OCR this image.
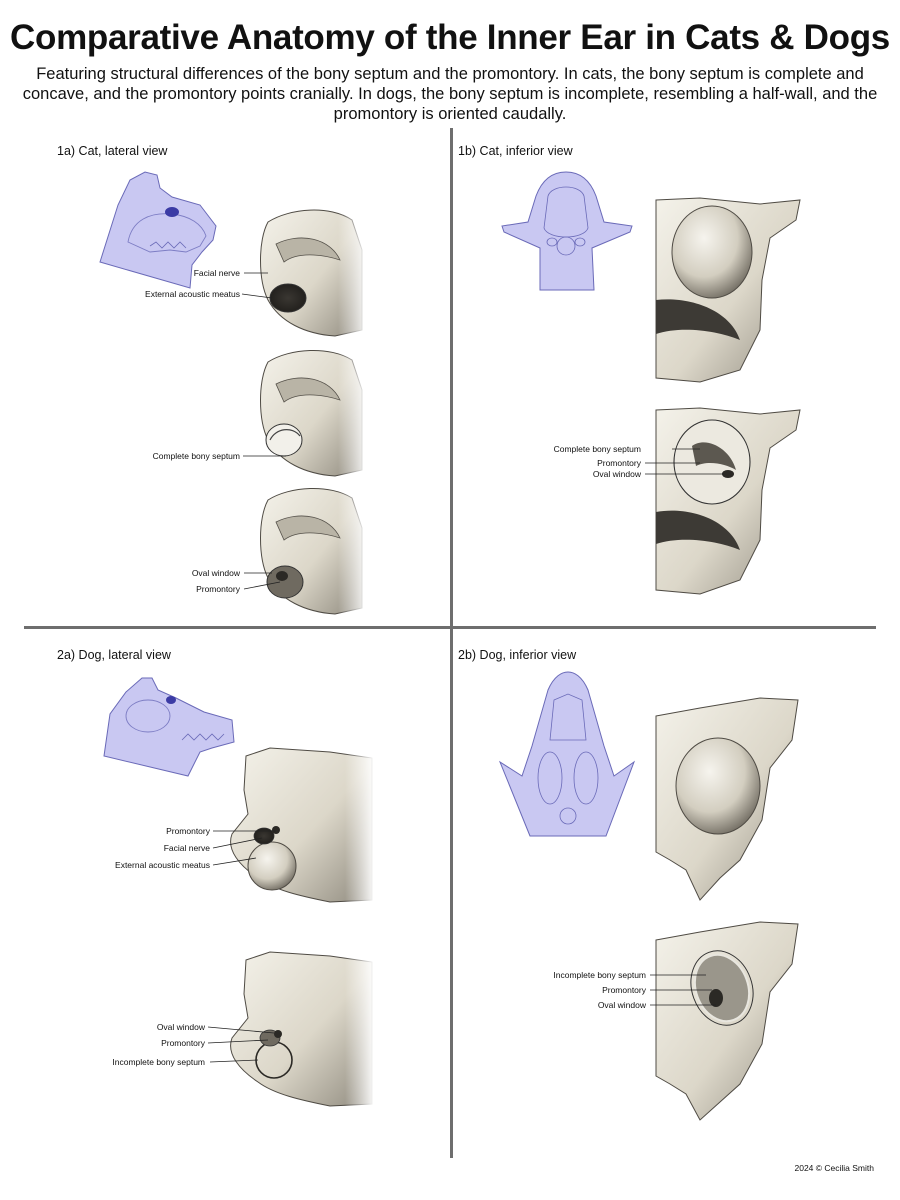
Comparative Anatomy of the Inner Ear in Cats & Dogs

Featuring structural differences of the bony septum and the promontory. In cats, the bony septum is complete and concave, and the promontory points cranially. In dogs, the bony septum is incomplete, resembling a half-wall, and the promontory is oriented caudally.

1a) Cat, lateral view	1b) Cat, inferior view
2a) Dog, lateral view	2b) Dog, inferior view
Facial nerve
External acoustic meatus
Complete bony septum
Oval window
Promontory
Complete bony septum
Promontory
Oval window
Promontory
Facial nerve
External acoustic meatus
Oval window
Promontory
Incomplete bony septum
Incomplete bony septum
Promontory
Oval window
2024 © Cecilia Smith
